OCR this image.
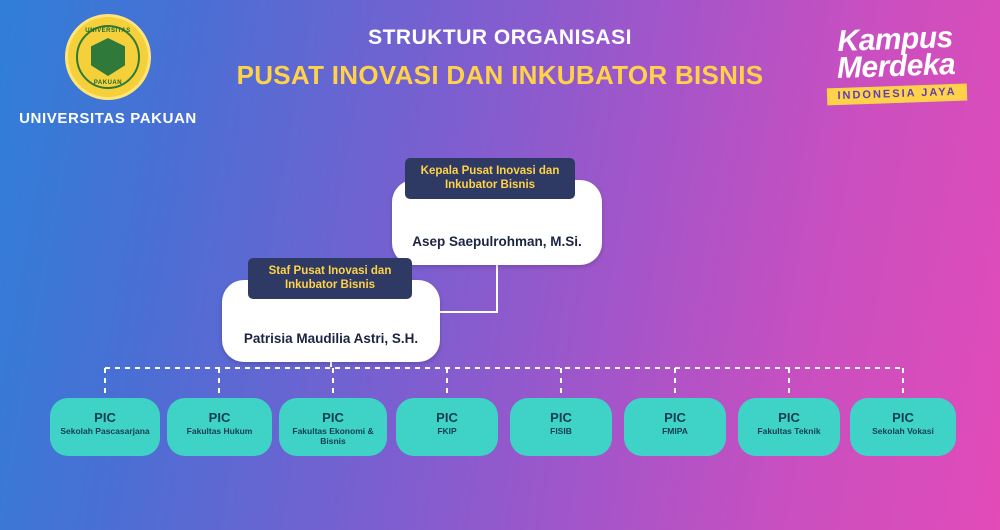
UNIVERSITAS
PAKUAN
UNIVERSITAS PAKUAN
STRUKTUR ORGANISASI
PUSAT INOVASI DAN INKUBATOR BISNIS
Kampus
Merdeka
INDONESIA JAYA
Asep Saepulrohman, M.Si.
Kepala Pusat Inovasi dan Inkubator Bisnis
Patrisia Maudilia Astri, S.H.
Staf Pusat Inovasi dan Inkubator Bisnis
PIC
Sekolah Pascasarjana
PIC
Fakultas Hukum
PIC
Fakultas Ekonomi & Bisnis
PIC
FKIP
PIC
FISIB
PIC
FMIPA
PIC
Fakultas Teknik
PIC
Sekolah Vokasi
